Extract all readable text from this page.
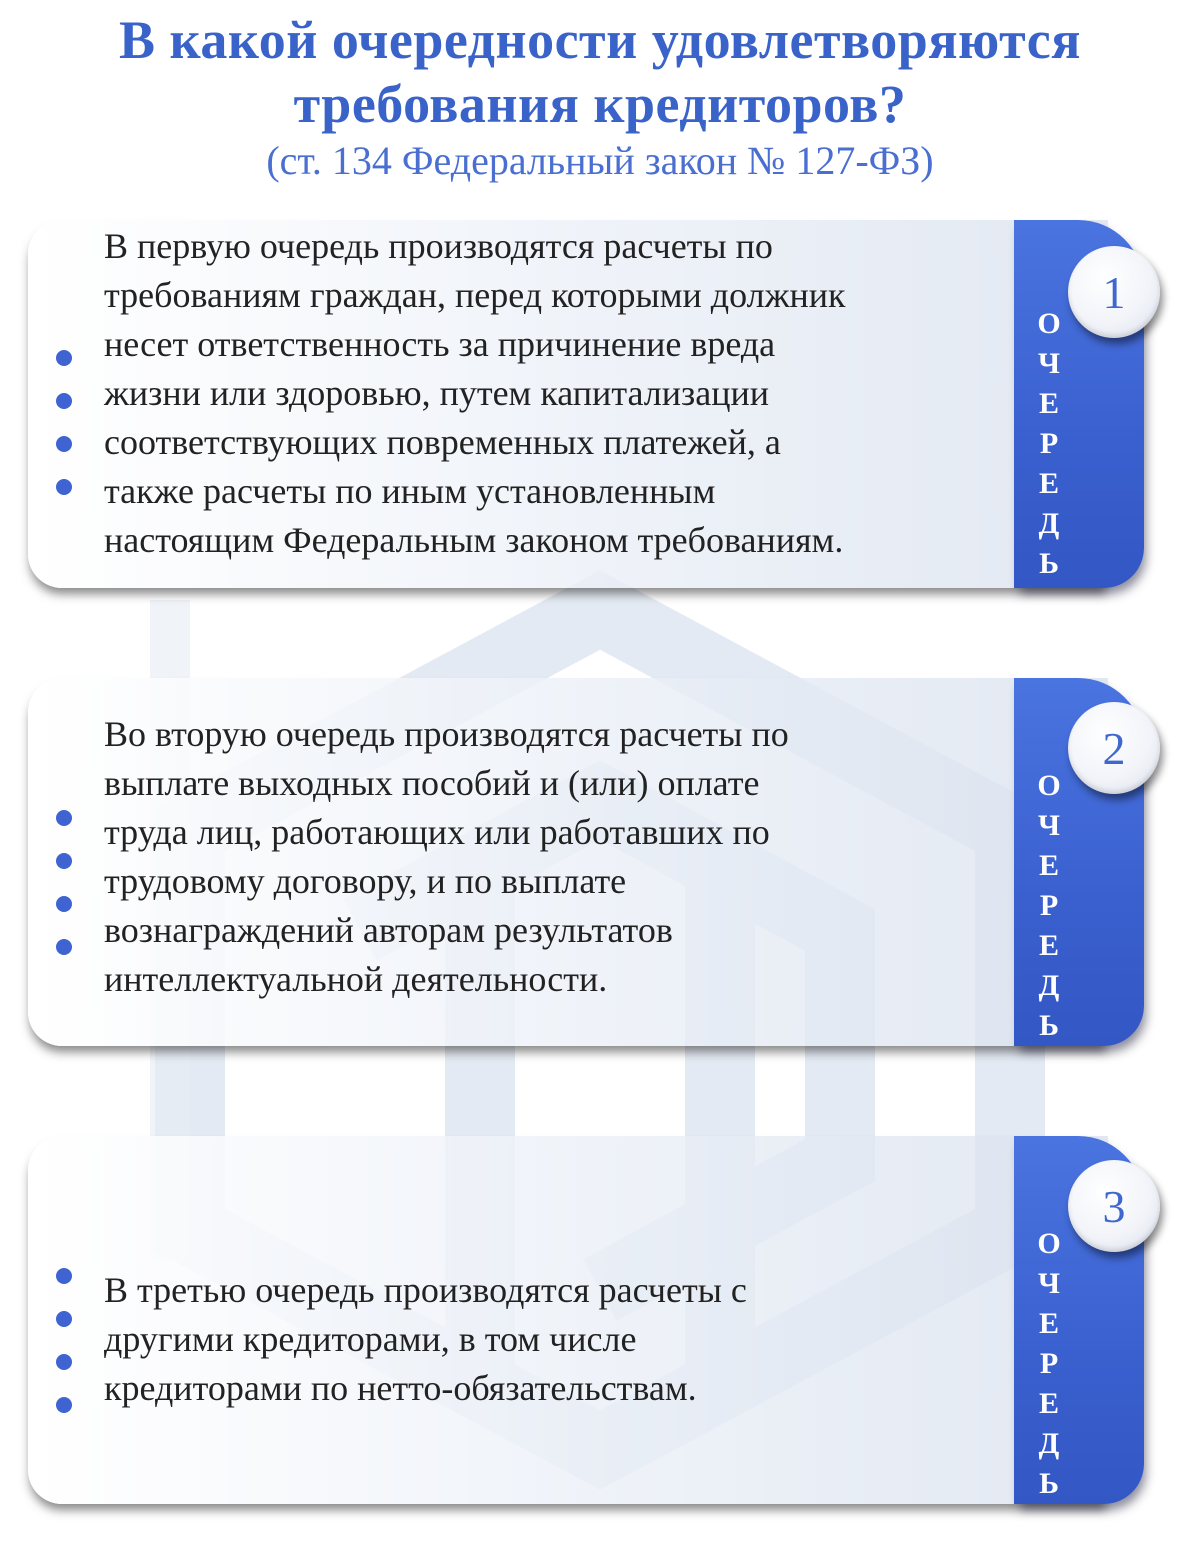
В какой очередности удовлетворяются
требования кредиторов?

(ст. 134 Федеральный закон № 127-ФЗ)

О
Ч
Е
Р
Е
Д
Ь
1

В первую очередь производятся расчеты по
требованиям граждан, перед которыми должник
несет ответственность за причинение вреда
жизни или здоровью, путем капитализации
соответствующих повременных платежей, а
также расчеты по иным установленным
настоящим Федеральным законом требованиям.

О
Ч
Е
Р
Е
Д
Ь
2

Во вторую очередь производятся расчеты по
выплате выходных пособий и (или) оплате
труда лиц, работающих или работавших по
трудовому договору, и по выплате
вознаграждений авторам результатов
интеллектуальной деятельности.

О
Ч
Е
Р
Е
Д
Ь
3

В третью очередь производятся расчеты с
другими кредиторами, в том числе
кредиторами по нетто-обязательствам.
